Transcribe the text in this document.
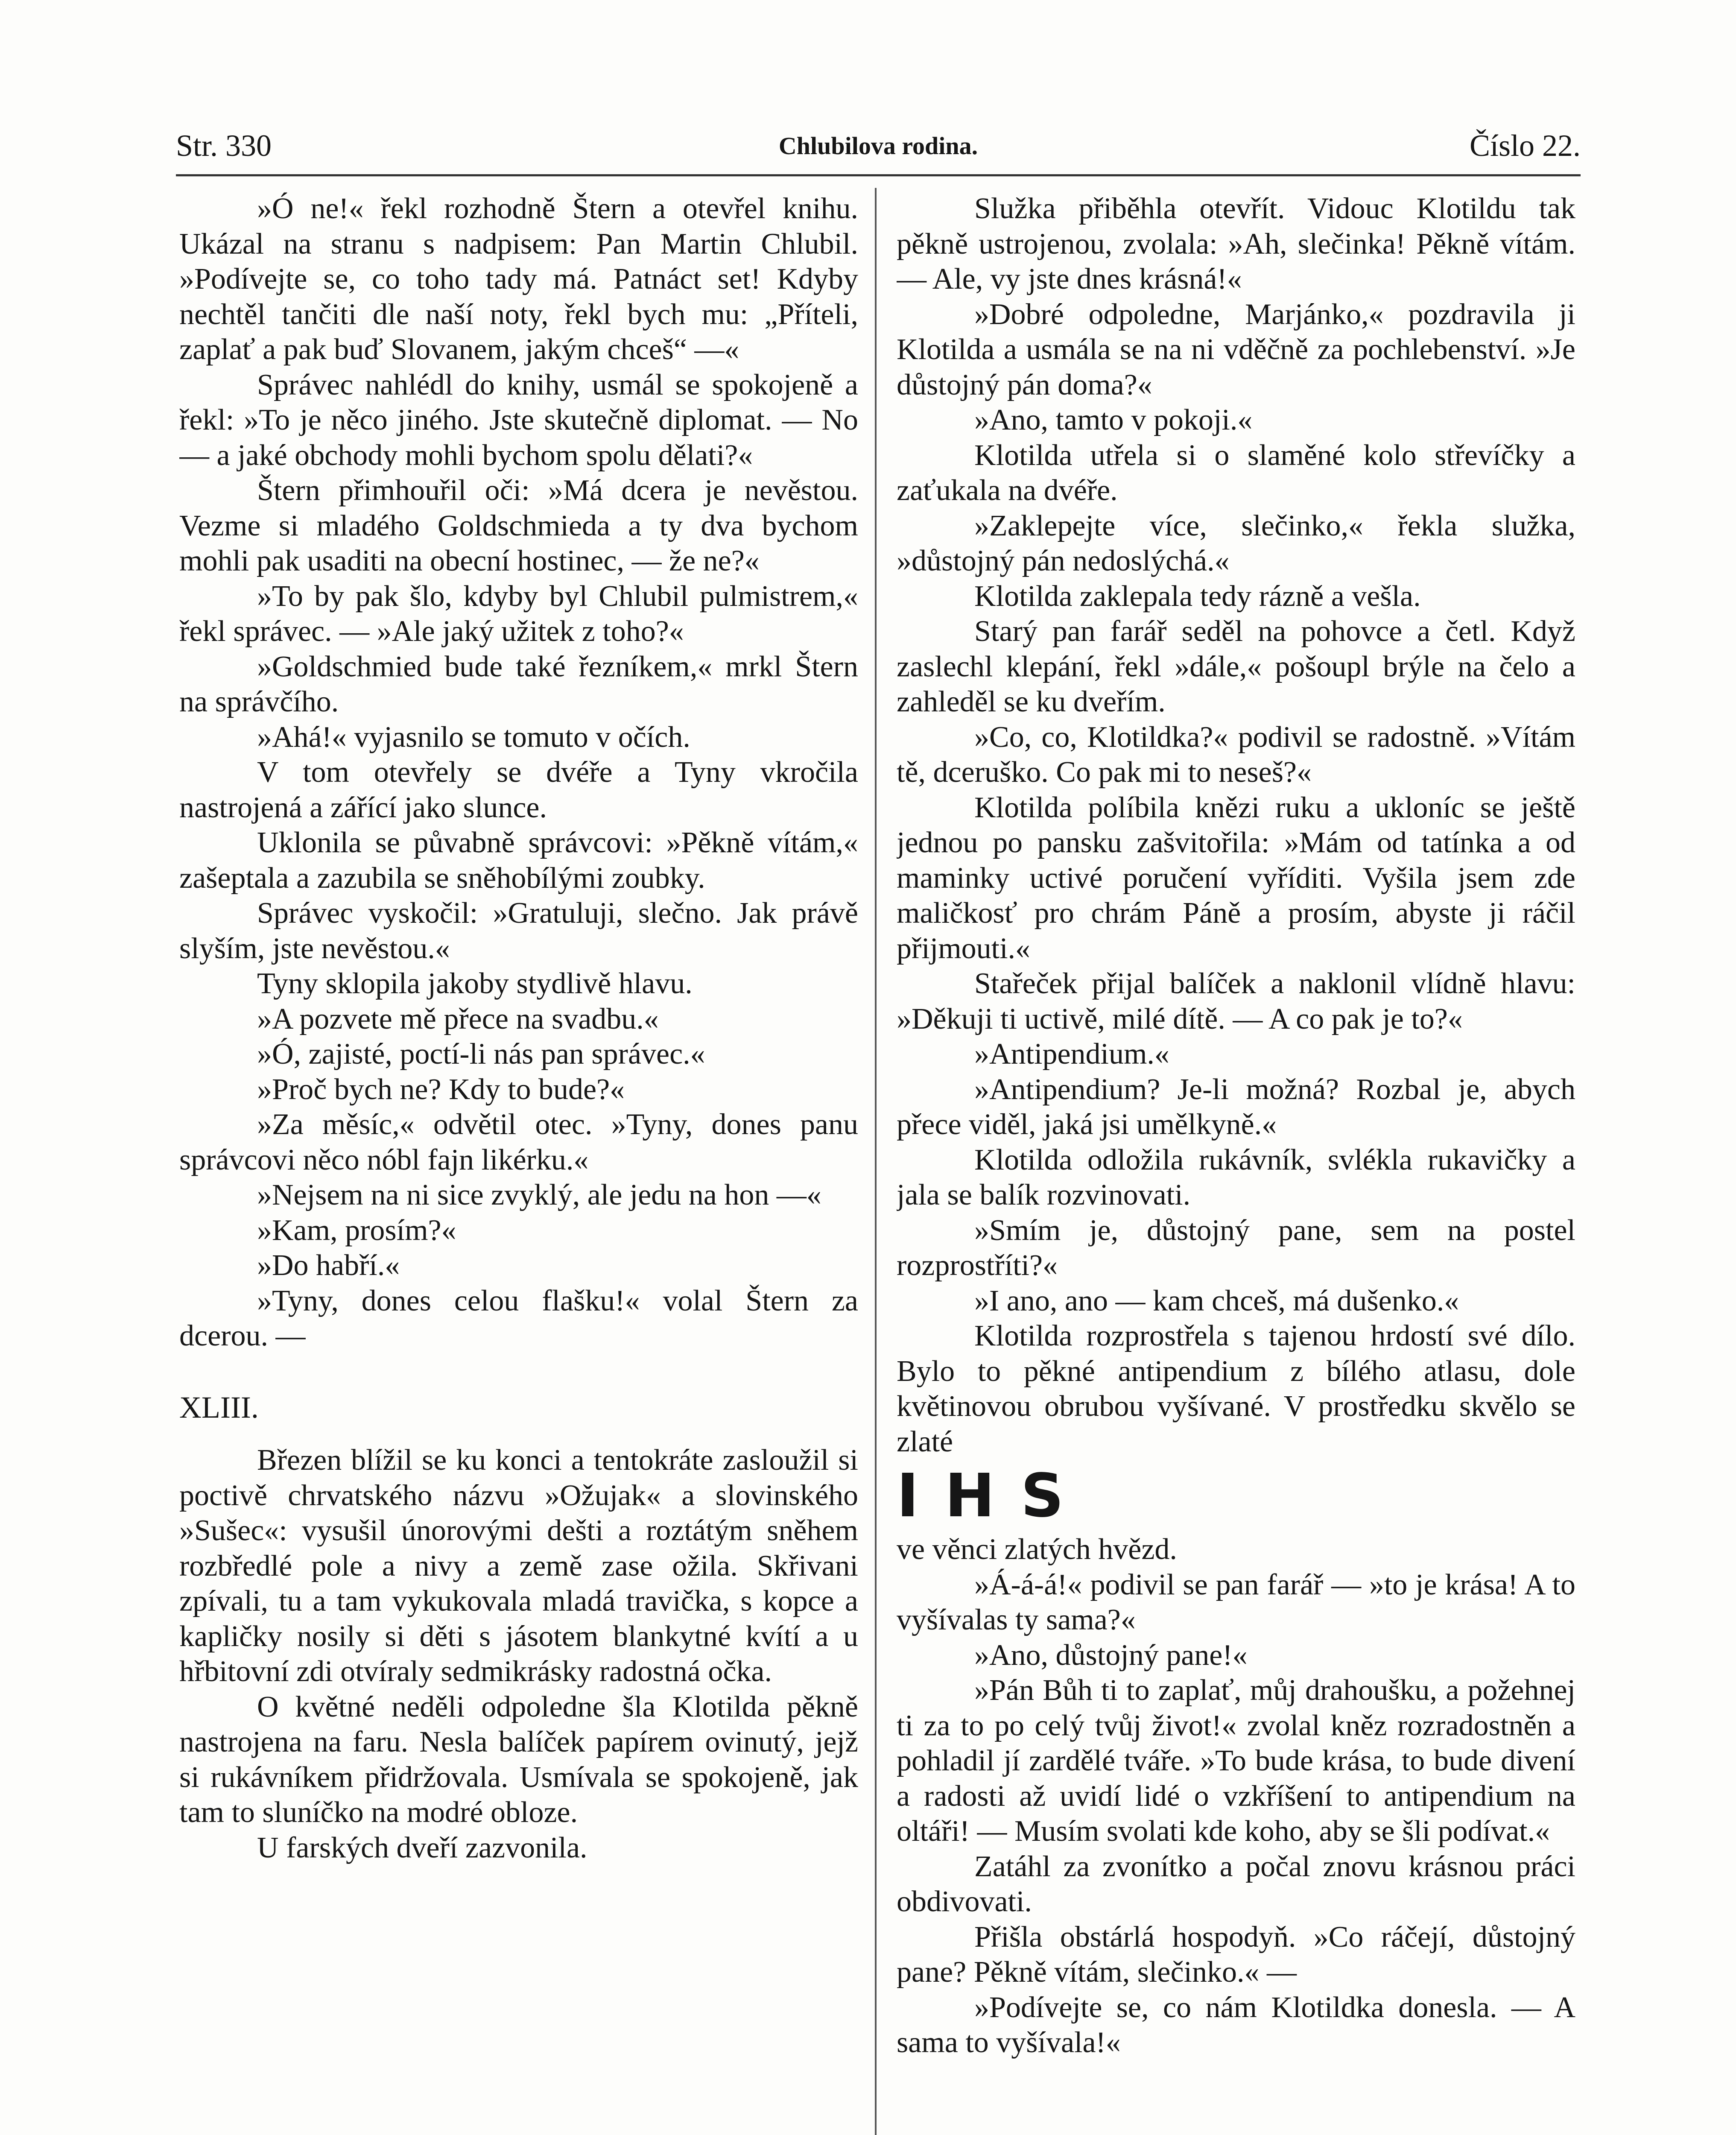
Str. 330	Chlubilova rodina.	Číslo 22.

»Ó ne!« řekl rozhodně Štern a otevřel knihu. Ukázal na stranu s nadpisem: Pan Martin Chlubil. »Podívejte se, co toho tady má. Patnáct set! Kdyby nechtěl tančiti dle naší noty, řekl bych mu: „Příteli, zaplať a pak buď Slovanem, jakým chceš“ —«

Správec nahlédl do knihy, usmál se spokojeně a řekl: »To je něco jiného. Jste skutečně diplomat. — No — a jaké obchody mohli bychom spolu dělati?«

Štern přimhouřil oči: »Má dcera je nevěstou. Vezme si mladého Goldschmieda a ty dva bychom mohli pak usaditi na obecní hostinec, — že ne?«

»To by pak šlo, kdyby byl Chlubil pulmistrem,« řekl správec. — »Ale jaký užitek z toho?«

»Goldschmied bude také řezníkem,« mrkl Štern na správčího.

»Ahá!« vyjasnilo se tomuto v očích.

V tom otevřely se dvéře a Tyny vkročila nastrojená a zářící jako slunce.

Uklonila se půvabně správcovi: »Pěkně vítám,« zašeptala a zazubila se sněhobílými zoubky.

Správec vyskočil: »Gratuluji, slečno. Jak právě slyším, jste nevěstou.«

Tyny sklopila jakoby stydlivě hlavu.

»A pozvete mě přece na svadbu.«

»Ó, zajisté, poctí-li nás pan správec.«

»Proč bych ne? Kdy to bude?«

»Za měsíc,« odvětil otec. »Tyny, dones panu správcovi něco nóbl fajn likérku.«

»Nejsem na ni sice zvyklý, ale jedu na hon —«

»Kam, prosím?«

»Do habří.«

»Tyny, dones celou flašku!« volal Štern za dcerou. —

XLIII.

Březen blížil se ku konci a tentokráte zasloužil si poctivě chrvatského názvu »Ožujak« a slovinského »Sušec«: vysušil únorovými dešti a roztátým sněhem rozbředlé pole a nivy a země zase ožila. Skřivani zpívali, tu a tam vykukovala mladá travička, s kopce a kapličky nosily si děti s jásotem blankytné kvítí a u hřbitovní zdi otvíraly sedmikrásky radostná očka.

O květné neděli odpoledne šla Klotilda pěkně nastrojena na faru. Nesla balíček papírem ovinutý, jejž si rukávníkem přidržovala. Usmívala se spokojeně, jak tam to sluníčko na modré obloze.

U farských dveří zazvonila.

Služka přiběhla otevřít. Vidouc Klotildu tak pěkně ustrojenou, zvolala: »Ah, slečinka! Pěkně vítám. — Ale, vy jste dnes krásná!«

»Dobré odpoledne, Marjánko,« pozdravila ji Klotilda a usmála se na ni vděčně za pochlebenství. »Je důstojný pán doma?«

»Ano, tamto v pokoji.«

Klotilda utřela si o slaměné kolo střevíčky a zaťukala na dvéře.

»Zaklepejte více, slečinko,« řekla služka, »důstojný pán nedoslýchá.«

Klotilda zaklepala tedy rázně a vešla.

Starý pan farář seděl na pohovce a četl. Když zaslechl klepání, řekl »dále,« pošoupl brýle na čelo a zahleděl se ku dveřím.

»Co, co, Klotildka?« podivil se radostně. »Vítám tě, dceruško. Co pak mi to neseš?«

Klotilda políbila knězi ruku a ukloníc se ještě jednou po pansku zašvitořila: »Mám od tatínka a od maminky uctivé poručení vyříditi. Vyšila jsem zde maličkosť pro chrám Páně a prosím, abyste ji ráčil přijmouti.«

Stařeček přijal balíček a naklonil vlídně hlavu: »Děkuji ti uctivě, milé dítě. — A co pak je to?«

»Antipendium.«

»Antipendium? Je-li možná? Rozbal je, abych přece viděl, jaká jsi umělkyně.«

Klotilda odložila rukávník, svlékla rukavičky a jala se balík rozvinovati.

»Smím je, důstojný pane, sem na postel rozprostříti?«

»I ano, ano — kam chceš, má dušenko.«

Klotilda rozprostřela s tajenou hrdostí své dílo. Bylo to pěkné antipendium z bílého atlasu, dole květinovou obrubou vyšívané. V prostředku skvělo se zlaté

I H S

ve věnci zlatých hvězd.

»Á-á-á!« podivil se pan farář — »to je krása! A to vyšívalas ty sama?«

»Ano, důstojný pane!«

»Pán Bůh ti to zaplať, můj drahoušku, a požehnej ti za to po celý tvůj život!« zvolal kněz rozradostněn a pohladil jí zardělé tváře. »To bude krása, to bude divení a radosti až uvidí lidé o vzkříšení to antipendium na oltáři! — Musím svolati kde koho, aby se šli podívat.«

Zatáhl za zvonítko a počal znovu krásnou práci obdivovati.

Přišla obstárlá hospodyň. »Co ráčejí, důstojný pane? Pěkně vítám, slečinko.« —

»Podívejte se, co nám Klotildka donesla. — A sama to vyšívala!«
